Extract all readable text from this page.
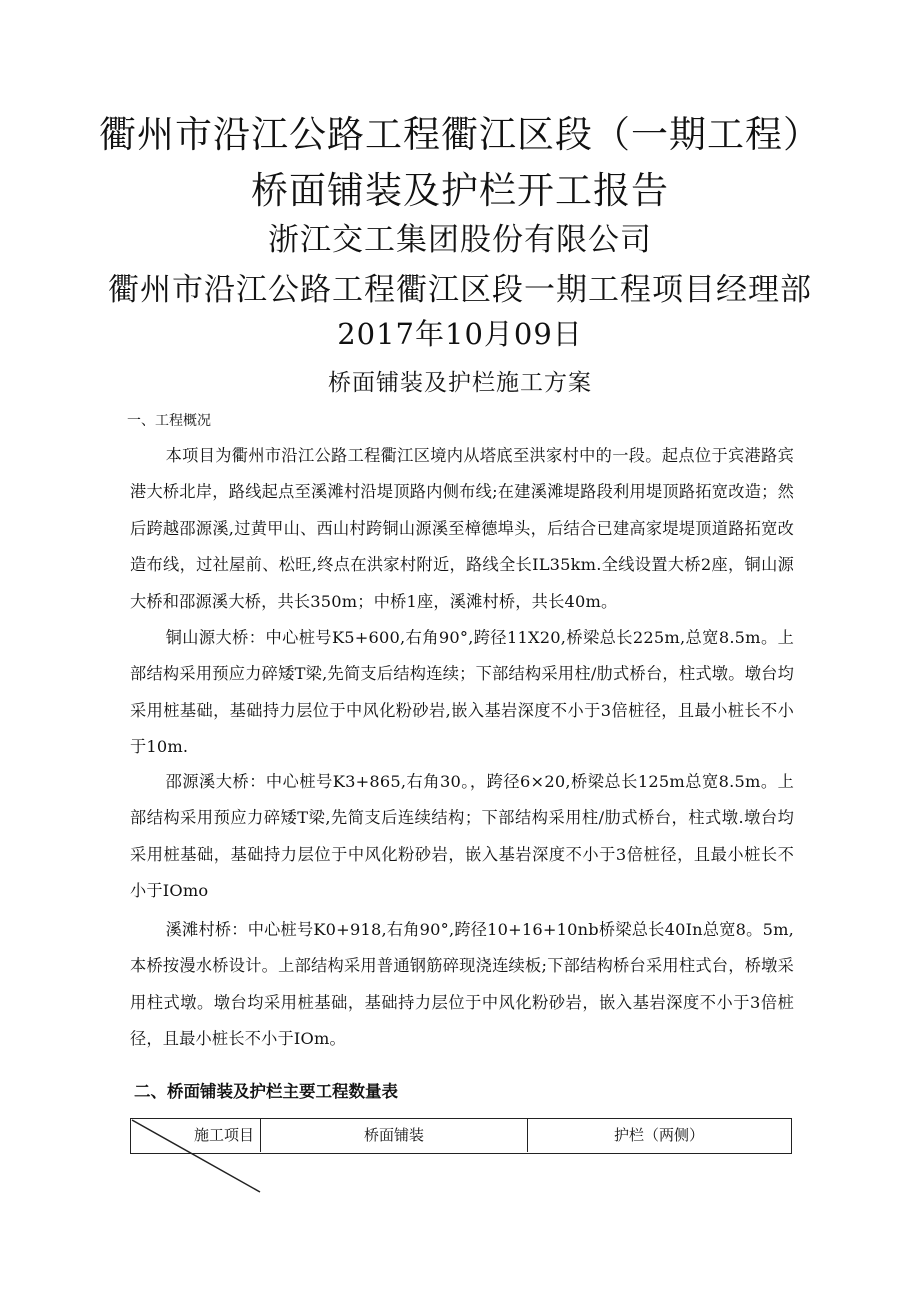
衢州市沿江公路工程衢江区段（一期工程）
桥面铺装及护栏开工报告
浙江交工集团股份有限公司
衢州市沿江公路工程衢江区段一期工程项目经理部
2017年10月09日
桥面铺装及护栏施工方案
一、工程概况
本项目为衢州市沿江公路工程衢江区境内从塔底至洪家村中的一段。起点位于宾港路宾港大桥北岸，路线起点至溪滩村沿堤顶路内侧布线;在建溪滩堤路段利用堤顶路拓宽改造；然后跨越邵源溪,过黄甲山、西山村跨铜山源溪至樟德埠头，后结合已建高家堤堤顶道路拓宽改造布线，过社屋前、松旺,终点在洪家村附近，路线全长IL35km.全线设置大桥2座，铜山源大桥和邵源溪大桥，共长350m；中桥1座，溪滩村桥，共长40m。
铜山源大桥：中心桩号K5+600,右角90°,跨径11X20,桥梁总长225m,总宽8.5m。上部结构采用预应力碎矮T梁,先简支后结构连续；下部结构采用柱/肋式桥台，柱式墩。墩台均采用桩基础，基础持力层位于中风化粉砂岩,嵌入基岩深度不小于3倍桩径，且最小桩长不小于10m.
邵源溪大桥：中心桩号K3+865,右角30。，跨径6×20,桥梁总长125m总宽8.5m。上部结构采用预应力碎矮T梁,先简支后连续结构；下部结构采用柱/肋式桥台，柱式墩.墩台均采用桩基础，基础持力层位于中风化粉砂岩，嵌入基岩深度不小于3倍桩径，且最小桩长不小于IOmo
溪滩村桥：中心桩号K0+918,右角90°,跨径10+16+10nb桥梁总长40In总宽8。5m,本桥按漫水桥设计。上部结构采用普通钢筋碎现浇连续板;下部结构桥台采用柱式台，桥墩采用柱式墩。墩台均采用桩基础，基础持力层位于中风化粉砂岩，嵌入基岩深度不小于3倍桩径，且最小桩长不小于IOm。
二、桥面铺装及护栏主要工程数量表
施工项目	桥面铺装	护栏（两侧）
